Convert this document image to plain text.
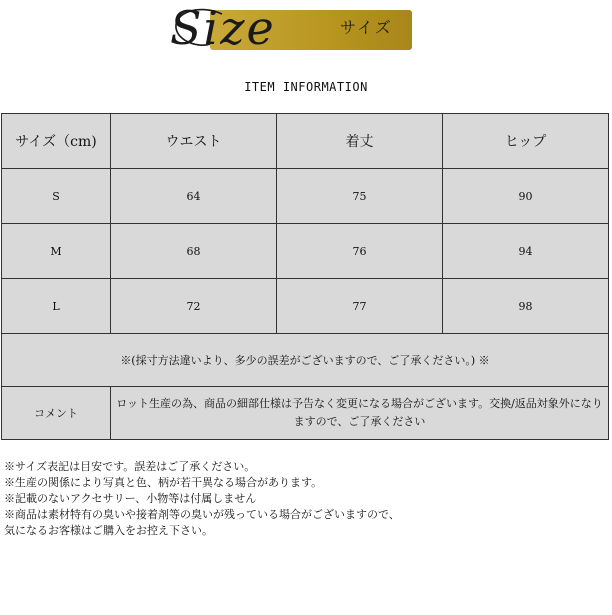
Size	サイズ
ITEM INFORMATION
サイズ（cm)	ウエスト	着丈	ヒップ
S	64	75	90
M	68	76	94
L	72	77	98
※(採寸方法違いより、多少の誤差がございますので、ご了承ください。) ※			
コメント	ロット生産の為、商品の細部仕様は予告なく変更になる場合がございます。交換/返品対象外になりますので、ご了承ください		
※サイズ表記は目安です。誤差はご了承ください。
※生産の関係により写真と色、柄が若干異なる場合があります。
※記載のないアクセサリー、小物等は付属しません
※商品は素材特有の臭いや接着剤等の臭いが残っている場合がございますので、
気になるお客様はご購入をお控え下さい。
